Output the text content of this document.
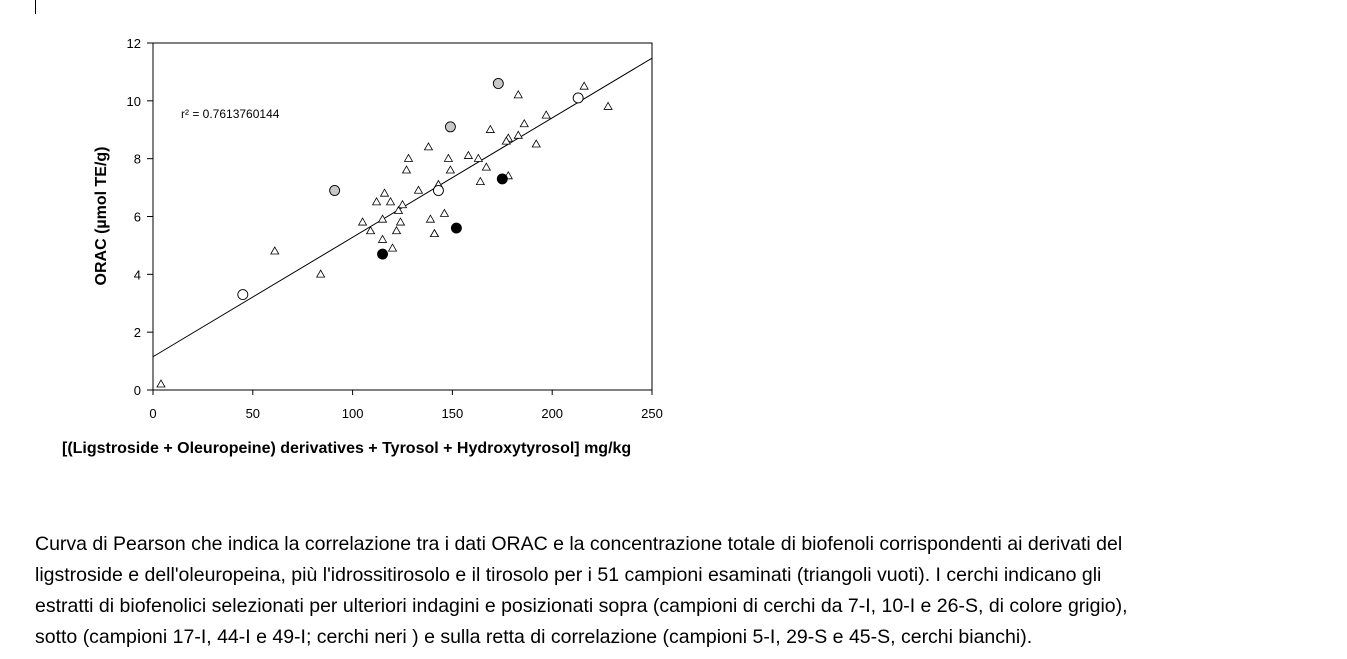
0	50	100	150	200	250
0
2
4
6
8
10
12
r² = 0.7613760144
[(Ligstroside + Oleuropeine) derivatives + Tyrosol + Hydroxytyrosol] mg/kg
ORAC (µmol TE/g)

Curva di Pearson che indica la correlazione tra i dati ORAC e la concentrazione totale di biofenoli corrispondenti ai derivati del
ligstroside e dell'oleuropeina, più l'idrossitirosolo e il tirosolo per i 51 campioni esaminati (triangoli vuoti). I cerchi indicano gli
estratti di biofenolici selezionati per ulteriori indagini e posizionati sopra (campioni di cerchi da 7-I, 10-I e 26-S, di colore grigio),
sotto (campioni 17-I, 44-I e 49-I; cerchi neri ) e sulla retta di correlazione (campioni 5-I, 29-S e 45-S, cerchi bianchi).
